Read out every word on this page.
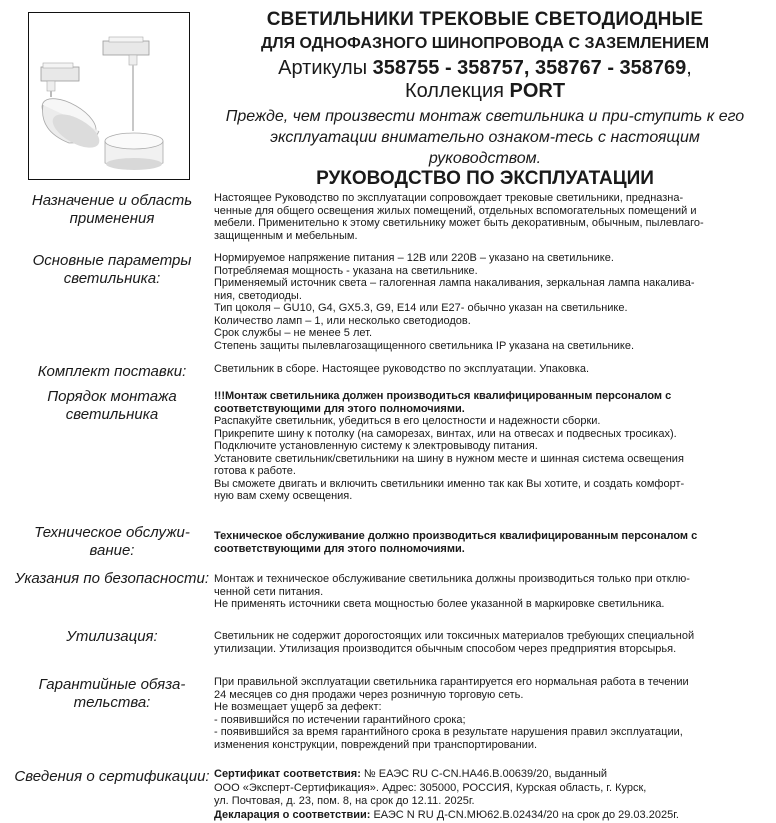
СВЕТИЛЬНИКИ ТРЕКОВЫЕ СВЕТОДИОДНЫЕ
ДЛЯ ОДНОФАЗНОГО ШИНОПРОВОДА С ЗАЗЕМЛЕНИЕМ
Артикулы 358755 - 358757, 358767 - 358769,
Коллекция PORT
Прежде, чем произвести монтаж светильника и при-ступить к его эксплуатации внимательно ознаком-тесь с настоящим руководством.
РУКОВОДСТВО ПО ЭКСПЛУАТАЦИИ
Назначение и область применения

Настоящее Руководство по эксплуатации сопровождает трековые светильники, предназна-

ченные для общего освещения жилых помещений, отдельных вспомогательных помещений и

мебели. Применительно к этому светильнику может быть декоративным, обычным, пылевлаго-

защищенным и мебельным.

Основные параметры светильника:

Нормируемое напряжение питания – 12В или 220В – указано на светильнике.

Потребляемая мощность - указана на светильнике.

Применяемый источник света – галогенная лампа накаливания, зеркальная лампа накалива-

ния, светодиоды.

Тип цоколя – GU10, G4, GX5.3, G9, E14 или E27- обычно указан на светильнике.

Количество ламп – 1, или несколько светодиодов.

Срок службы – не менее 5 лет.

Степень защиты пылевлагозащищенного светильника IP указана на светильнике.

Комплект поставки:	Светильник в сборе. Настоящее руководство по эксплуатации. Упаковка.

Порядок монтажа светильника

!!!Монтаж светильника должен производиться квалифицированным персоналом с

соответствующими для этого полномочиями.

Распакуйте светильник, убедиться в его целостности и надежности сборки.

Прикрепите шину к потолку (на саморезах, винтах, или на отвесах и подвесных тросиках).

Подключите установленную систему к электровыводу питания.

Установите светильник/светильники на шину в нужном месте и шинная система освещения

готова к работе.

Вы сможете двигать и включить светильники именно так как Вы хотите, и создать комфорт-

ную вам схему освещения.

Техническое обслужи-вание:

Техническое обслуживание должно производиться квалифицированным персоналом с

соответствующими для этого полномочиями.

Указания по безопасности: Монтаж и техническое обслуживание светильника должны производиться только при отклю-

ченной сети питания.

Не применять источники света мощностью более указанной в маркировке светильника.

Утилизация:	Светильник не содержит дорогостоящих или токсичных материалов требующих специальной

утилизации. Утилизация производится обычным способом через предприятия вторсырья.

Гарантийные обяза-тельства:

При правильной эксплуатации светильника гарантируется его нормальная работа в течении

24 месяцев со дня продажи через розничную торговую сеть.

Не возмещает ущерб за дефект:

- появившийся по истечении гарантийного срока;

- появившийся за время гарантийного срока в результате нарушения правил эксплуатации,

изменения конструкции, повреждений при транспортировании.

Сведения о сертификации: Сертификат соответствия: № ЕАЭС RU С-CN.НА46.В.00639/20, выданный

ООО «Эксперт-Сертификация». Адрес: 305000, РОССИЯ, Курская область, г. Курск,

ул. Почтовая, д. 23, пом. 8, на срок до 12.11. 2025г.

Декларация о соответствии: ЕАЭС N RU Д-CN.МЮ62.В.02434/20 на срок до 29.03.2025г.
